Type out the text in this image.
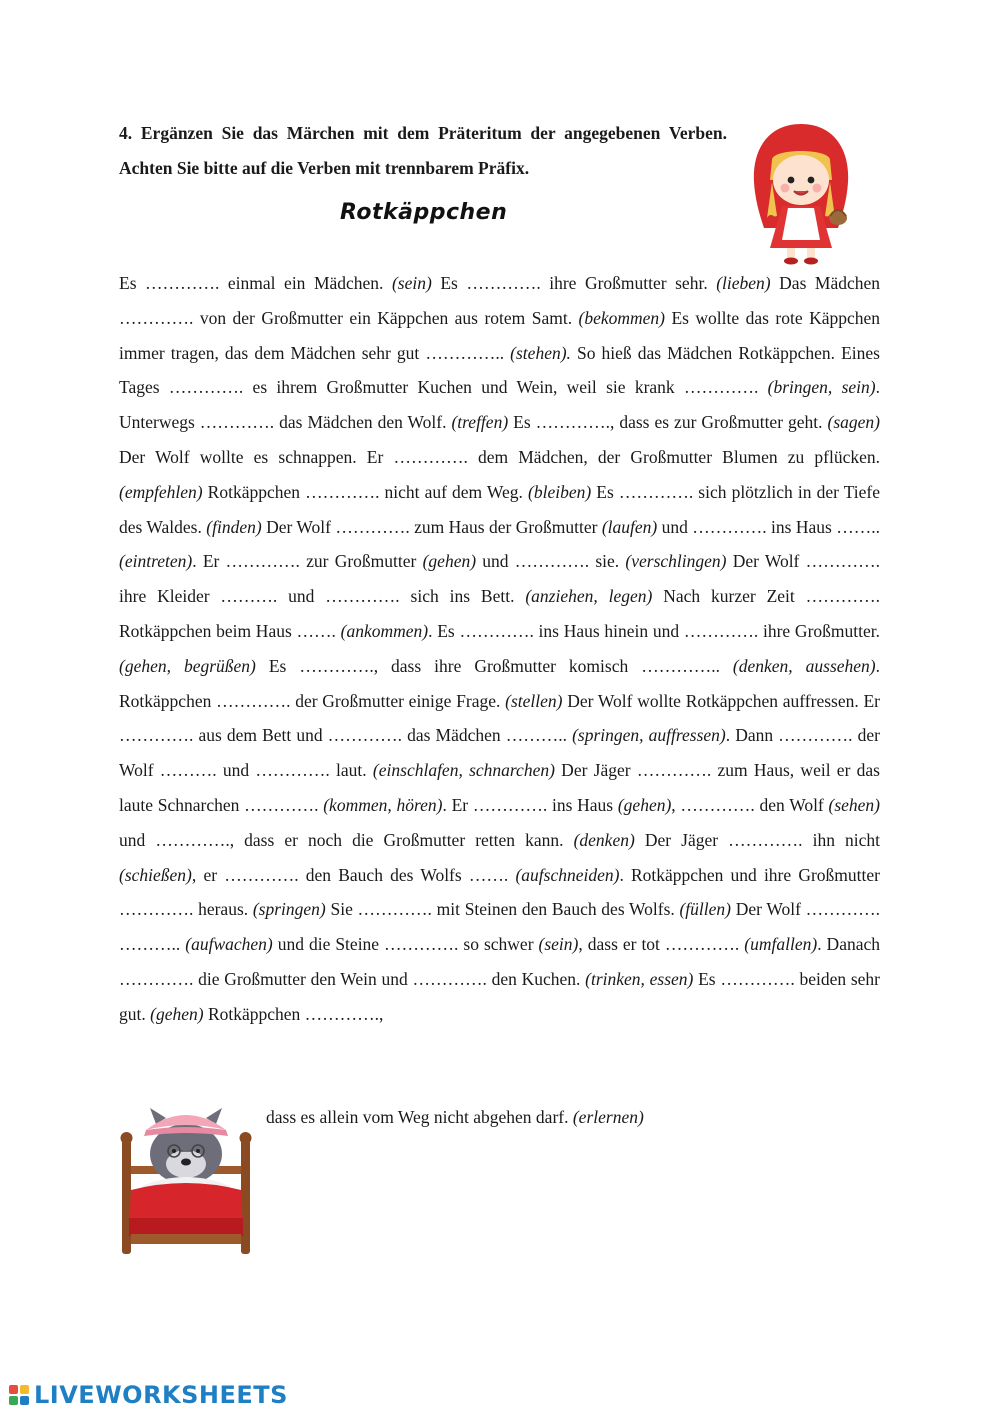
4. Ergänzen Sie das Märchen mit dem Präteritum der angegebenen Verben. Achten Sie bitte auf die Verben mit trennbarem Präfix.

Rotkäppchen

Es …………. einmal ein Mädchen. (sein) Es …………. ihre Großmutter sehr. (lieben) Das Mädchen …………. von der Großmutter ein Käppchen aus rotem Samt. (bekommen) Es wollte das rote Käppchen immer tragen, das dem Mädchen sehr gut ………….. (stehen). So hieß das Mädchen Rotkäppchen. Eines Tages …………. es ihrem Großmutter Kuchen und Wein, weil sie krank …………. (bringen, sein). Unterwegs …………. das Mädchen den Wolf. (treffen) Es …………., dass es zur Großmutter geht. (sagen) Der Wolf wollte es schnappen. Er …………. dem Mädchen, der Großmutter Blumen zu pflücken. (empfehlen) Rotkäppchen …………. nicht auf dem Weg. (bleiben) Es …………. sich plötzlich in der Tiefe des Waldes. (finden) Der Wolf …………. zum Haus der Großmutter (laufen) und …………. ins Haus …….. (eintreten). Er …………. zur Großmutter (gehen) und …………. sie. (verschlingen) Der Wolf …………. ihre Kleider ………. und …………. sich ins Bett. (anziehen, legen) Nach kurzer Zeit …………. Rotkäppchen beim Haus ……. (ankommen). Es …………. ins Haus hinein und …………. ihre Großmutter. (gehen, begrüßen) Es …………., dass ihre Großmutter komisch ………….. (denken, aussehen). Rotkäppchen …………. der Großmutter einige Frage. (stellen) Der Wolf wollte Rotkäppchen auffressen. Er …………. aus dem Bett und …………. das Mädchen ……….. (springen, auffressen). Dann …………. der Wolf ………. und …………. laut. (einschlafen, schnarchen) Der Jäger …………. zum Haus, weil er das laute Schnarchen …………. (kommen, hören). Er …………. ins Haus (gehen), …………. den Wolf (sehen) und …………., dass er noch die Großmutter retten kann. (denken) Der Jäger …………. ihn nicht (schießen), er …………. den Bauch des Wolfs ……. (aufschneiden). Rotkäppchen und ihre Großmutter …………. heraus. (springen) Sie …………. mit Steinen den Bauch des Wolfs. (füllen) Der Wolf …………. ……….. (aufwachen) und die Steine …………. so schwer (sein), dass er tot …………. (umfallen). Danach …………. die Großmutter den Wein und …………. den Kuchen. (trinken, essen) Es …………. beiden sehr gut. (gehen) Rotkäppchen ………….,

dass es allein vom Weg nicht abgehen darf. (erlernen)

LIVEWORKSHEETS
